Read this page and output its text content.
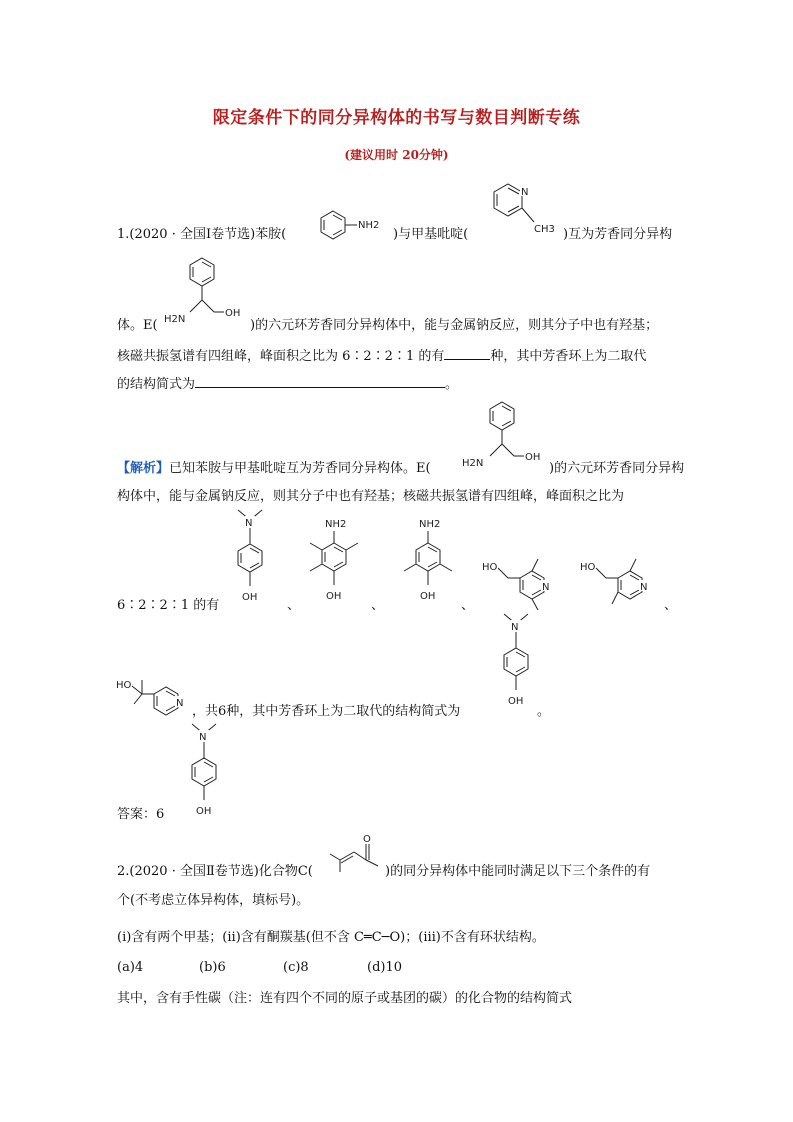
限定条件下的同分异构体的书写与数目判断专练
(建议用时 20分钟)
1.(2020 · 全国Ⅰ卷节选)苯胺(
NH2
)与甲基吡啶(
N
CH3 )互为芳香同分异构
体。E( H2N
OH
)的六元环芳香同分异构体中，能与金属钠反应，则其分子中也有羟基；
核磁共振氢谱有四组峰，峰面积之比为 6∶2∶2∶1 的有	种，其中芳香环上为二取代
的结构简式为	。
【解析】已知苯胺与甲基吡啶互为芳香同分异构体。E(	H2N
OH
)的六元环芳香同分异构
构体中，能与金属钠反应，则其分子中也有羟基；核磁共振氢谱有四组峰，峰面积之比为
6∶2∶2∶1 的有
N
OH
、
NH2
OH
、
NH2
OH
、
HO
N
HO
N
、
HO
N
，共6种，其中芳香环上为二取代的结构简式为
N
OH
。
N
OH
答案：6
2.(2020 · 全国Ⅱ卷节选)化合物C(
O
)的同分异构体中能同时满足以下三个条件的有
个(不考虑立体异构体，填标号)。
(ⅰ)含有两个甲基；(ⅱ)含有酮羰基(但不含 C═C─O)；(ⅲ)不含有环状结构。
(a)4	(b)6	(c)8	(d)10
其中，含有手性碳（注：连有四个不同的原子或基团的碳）的化合物的结构简式
